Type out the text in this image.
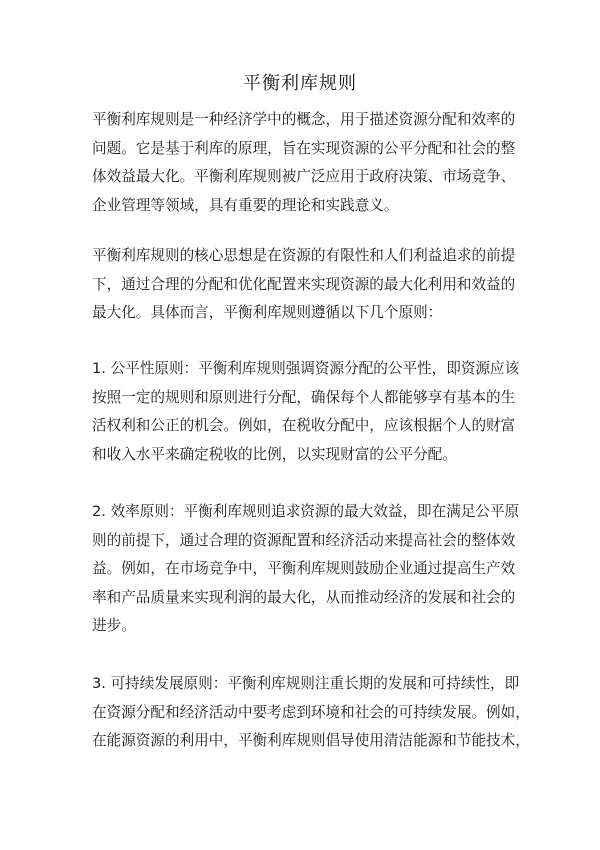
平衡利库规则
平衡利库规则是一种经济学中的概念，用于描述资源分配和效率的
问题。它是基于利库的原理，旨在实现资源的公平分配和社会的整
体效益最大化。平衡利库规则被广泛应用于政府决策、市场竞争、
企业管理等领域，具有重要的理论和实践意义。
平衡利库规则的核心思想是在资源的有限性和人们利益追求的前提
下，通过合理的分配和优化配置来实现资源的最大化利用和效益的
最大化。具体而言，平衡利库规则遵循以下几个原则：
1. 公平性原则：平衡利库规则强调资源分配的公平性，即资源应该
按照一定的规则和原则进行分配，确保每个人都能够享有基本的生
活权利和公正的机会。例如，在税收分配中，应该根据个人的财富
和收入水平来确定税收的比例，以实现财富的公平分配。
2. 效率原则：平衡利库规则追求资源的最大效益，即在满足公平原
则的前提下，通过合理的资源配置和经济活动来提高社会的整体效
益。例如，在市场竞争中，平衡利库规则鼓励企业通过提高生产效
率和产品质量来实现利润的最大化，从而推动经济的发展和社会的
进步。
3. 可持续发展原则：平衡利库规则注重长期的发展和可持续性，即
在资源分配和经济活动中要考虑到环境和社会的可持续发展。例如，
在能源资源的利用中，平衡利库规则倡导使用清洁能源和节能技术，
